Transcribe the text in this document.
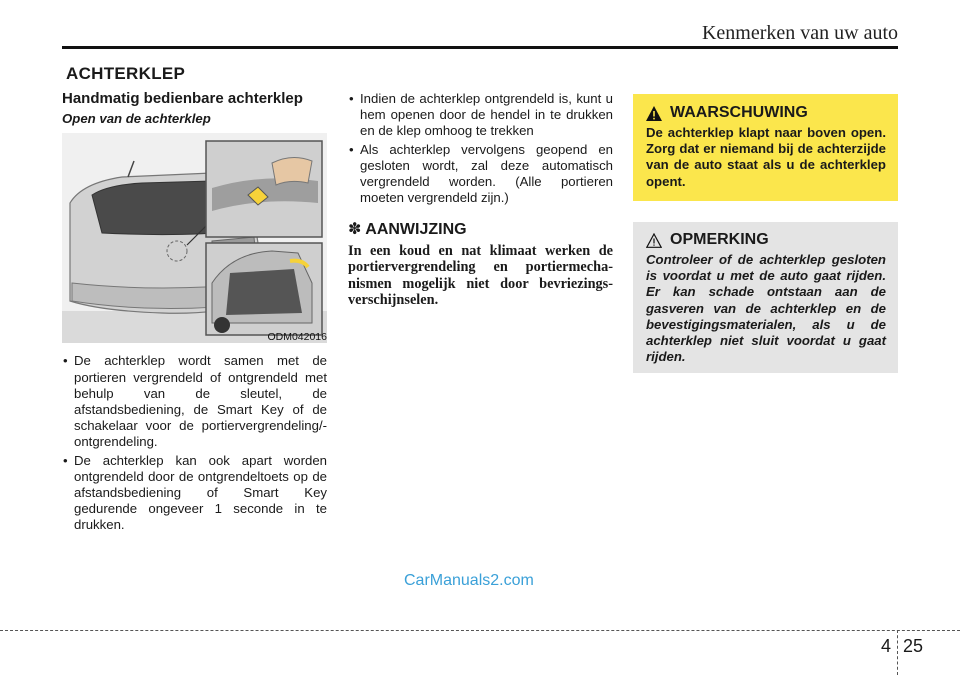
Kenmerken van uw auto
ACHTERKLEP
Handmatig bedienbare achterklep
Open van de achterklep
ODM042016
• De achterklep wordt samen met de portieren vergrendeld of ontgrendeld met behulp van de sleutel, de afstandsbediening, de Smart Key of de schakelaar voor de portiervergrendeling/-ontgrendeling.
• De achterklep kan ook apart worden ontgrendeld door de ontgrendeltoets op de afstandsbediening of Smart Key gedurende ongeveer 1 seconde in te drukken.
• Indien de achterklep ontgrendeld is, kunt u hem openen door de hendel in te drukken en de klep omhoog te trekken
• Als achterklep vervolgens geopend en gesloten wordt, zal deze automatisch vergrendeld worden. (Alle portieren moeten vergrendeld zijn.)
✽ AANWIJZING
In een koud en nat klimaat werken de portiervergrendeling en portiermechanismen mogelijk niet door bevriezingsverschijnselen.
WAARSCHUWING
De achterklep klapt naar boven open. Zorg dat er niemand bij de achterzijde van de auto staat als u de achterklep opent.
OPMERKING
Controleer of de achterklep gesloten is voordat u met de auto gaat rijden. Er kan schade ontstaan aan de gasveren van de achterklep en de bevestigingsmaterialen, als u de achterklep niet sluit voordat u gaat rijden.
CarManuals2.com
4 25
